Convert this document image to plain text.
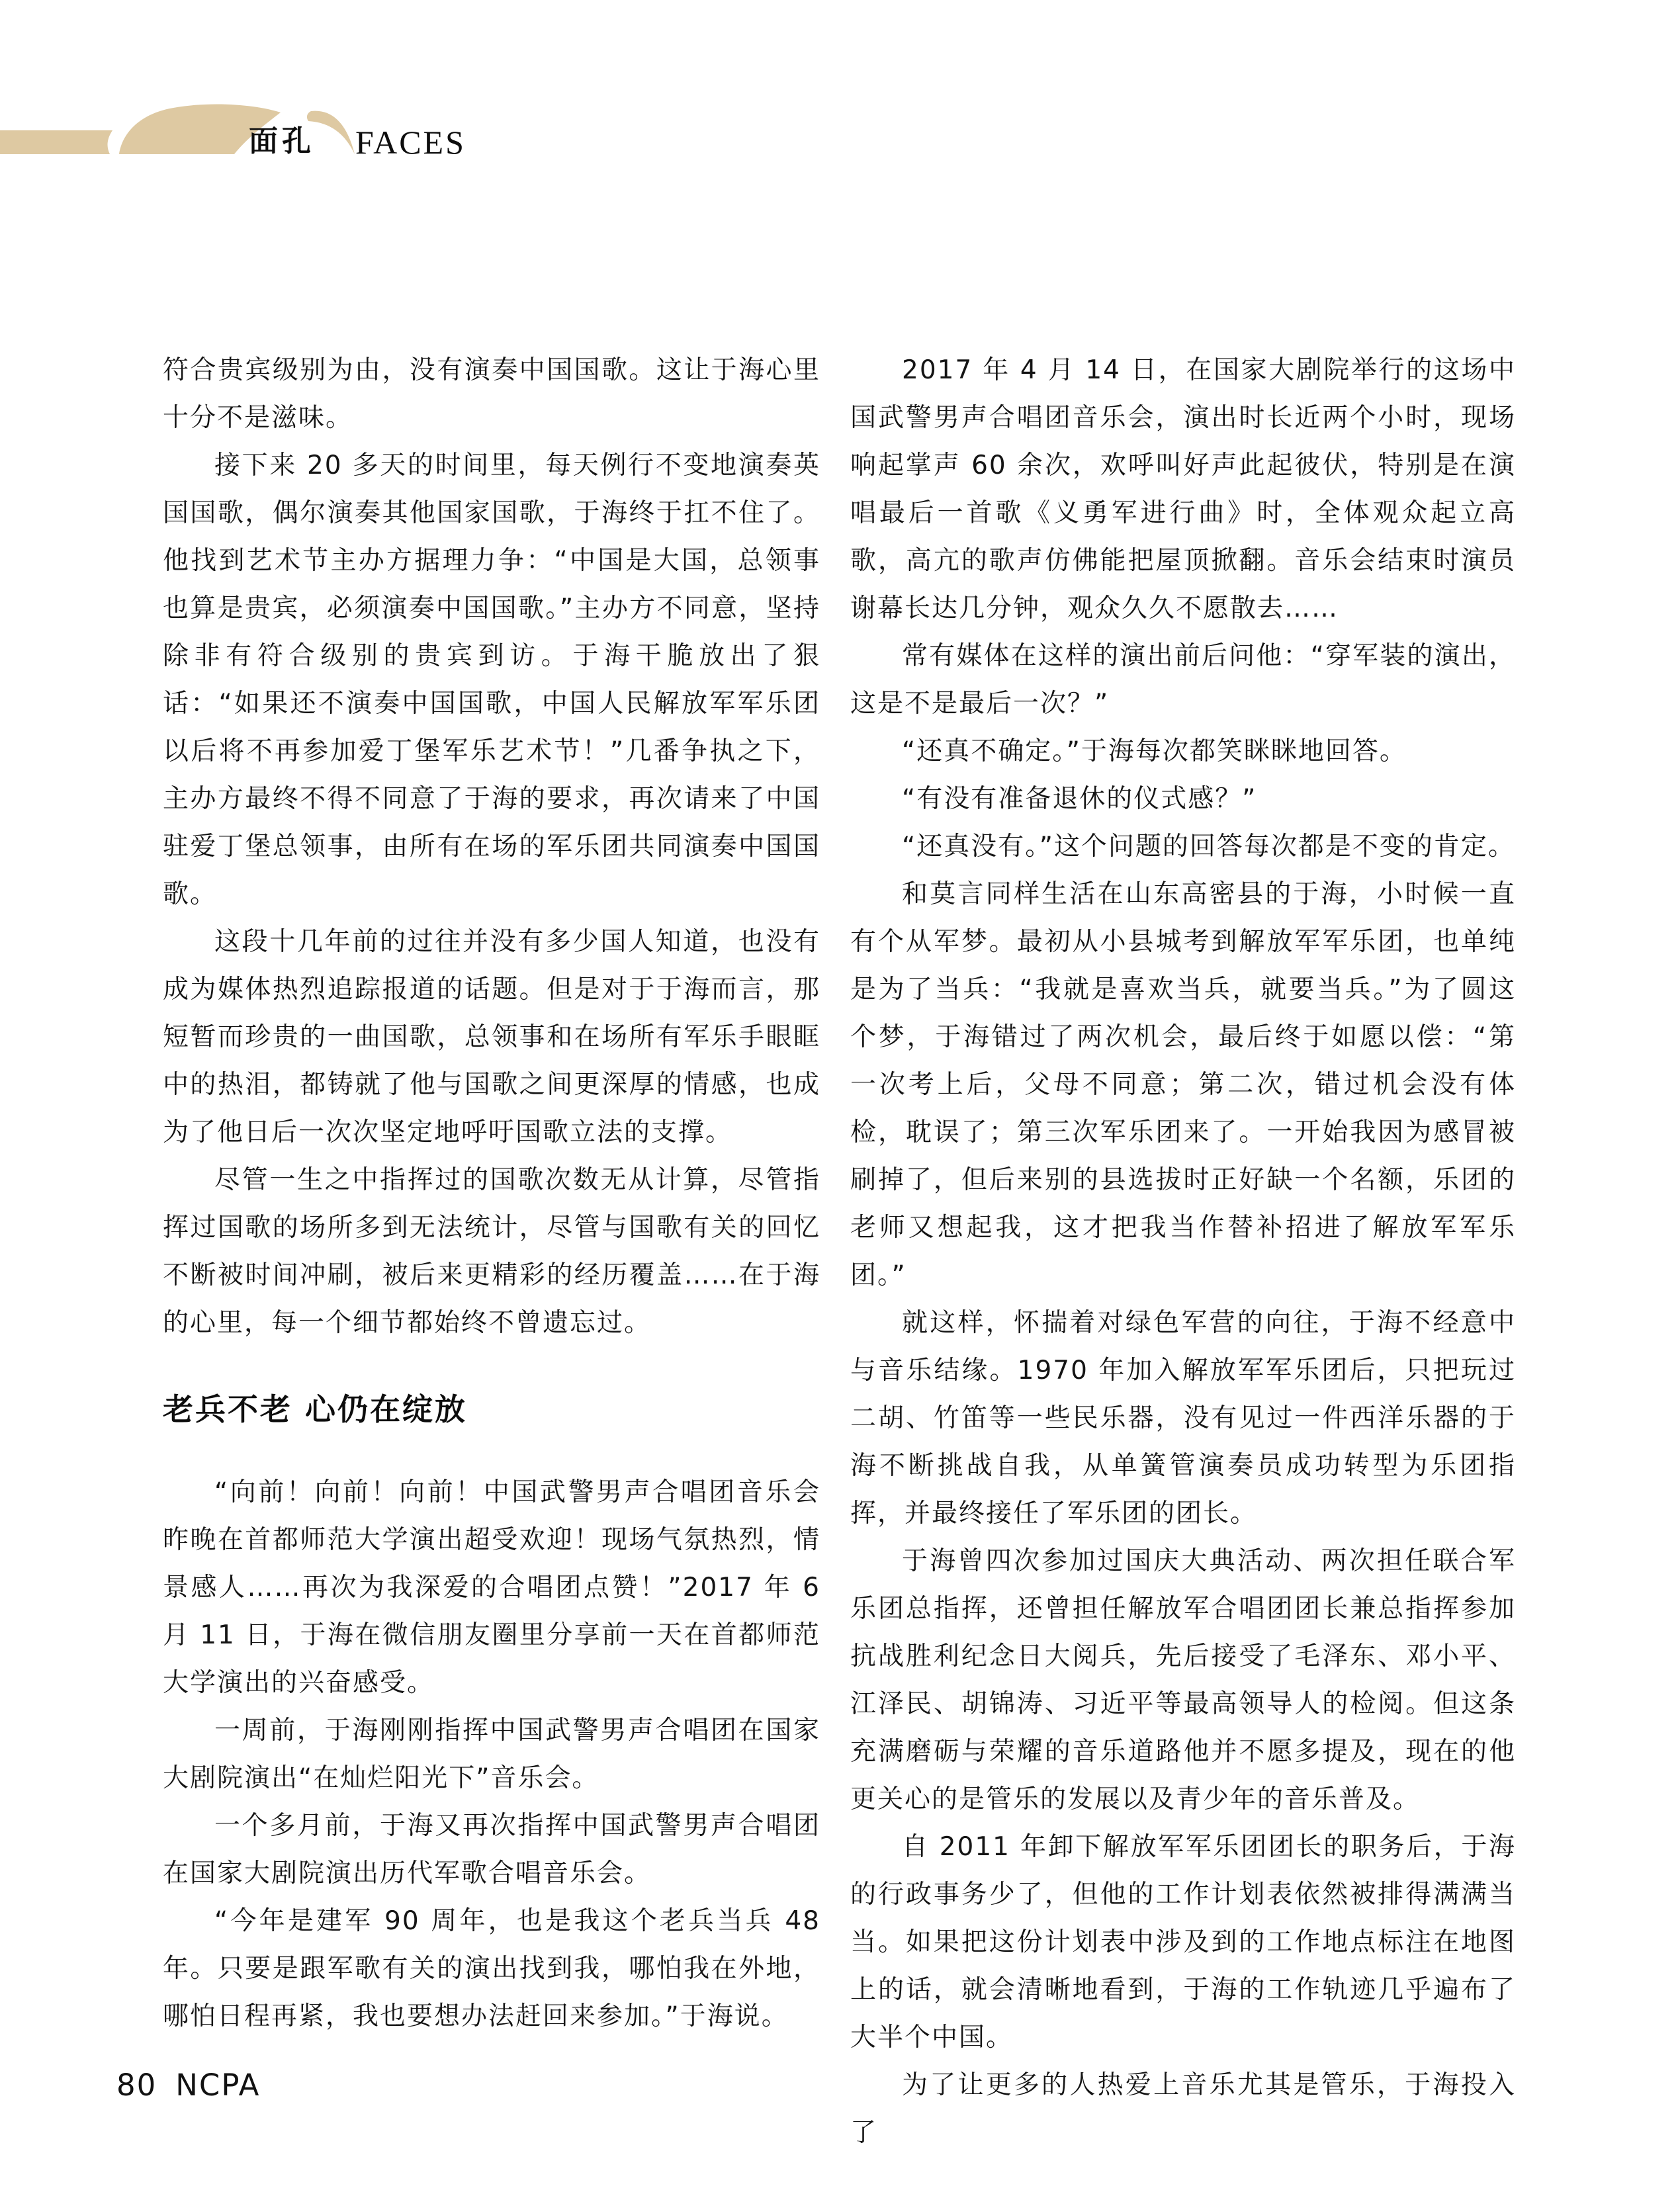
面孔 FACES

符合贵宾级别为由，没有演奏中国国歌。这让于海心里十分不是滋味。

接下来 20 多天的时间里，每天例行不变地演奏英国国歌，偶尔演奏其他国家国歌，于海终于扛不住了。他找到艺术节主办方据理力争：“中国是大国，总领事也算是贵宾，必须演奏中国国歌。”主办方不同意，坚持除非有符合级别的贵宾到访。于海干脆放出了狠话：“如果还不演奏中国国歌，中国人民解放军军乐团以后将不再参加爱丁堡军乐艺术节！”几番争执之下，主办方最终不得不同意了于海的要求，再次请来了中国驻爱丁堡总领事，由所有在场的军乐团共同演奏中国国歌。

这段十几年前的过往并没有多少国人知道，也没有成为媒体热烈追踪报道的话题。但是对于于海而言，那短暂而珍贵的一曲国歌，总领事和在场所有军乐手眼眶中的热泪，都铸就了他与国歌之间更深厚的情感，也成为了他日后一次次坚定地呼吁国歌立法的支撑。

尽管一生之中指挥过的国歌次数无从计算，尽管指挥过国歌的场所多到无法统计，尽管与国歌有关的回忆不断被时间冲刷，被后来更精彩的经历覆盖……在于海的心里，每一个细节都始终不曾遗忘过。

老兵不老 心仍在绽放

“向前！向前！向前！中国武警男声合唱团音乐会昨晚在首都师范大学演出超受欢迎！现场气氛热烈，情景感人……再次为我深爱的合唱团点赞！”2017 年 6 月 11 日，于海在微信朋友圈里分享前一天在首都师范大学演出的兴奋感受。

一周前，于海刚刚指挥中国武警男声合唱团在国家大剧院演出“在灿烂阳光下”音乐会。

一个多月前，于海又再次指挥中国武警男声合唱团在国家大剧院演出历代军歌合唱音乐会。

“今年是建军 90 周年，也是我这个老兵当兵 48 年。只要是跟军歌有关的演出找到我，哪怕我在外地，哪怕日程再紧，我也要想办法赶回来参加。”于海说。

2017 年 4 月 14 日，在国家大剧院举行的这场中国武警男声合唱团音乐会，演出时长近两个小时，现场响起掌声 60 余次，欢呼叫好声此起彼伏，特别是在演唱最后一首歌《义勇军进行曲》时，全体观众起立高歌，高亢的歌声仿佛能把屋顶掀翻。音乐会结束时演员谢幕长达几分钟，观众久久不愿散去……

常有媒体在这样的演出前后问他：“穿军装的演出，这是不是最后一次？”

“还真不确定。”于海每次都笑眯眯地回答。

“有没有准备退休的仪式感？”

“还真没有。”这个问题的回答每次都是不变的肯定。

和莫言同样生活在山东高密县的于海，小时候一直有个从军梦。最初从小县城考到解放军军乐团，也单纯是为了当兵：“我就是喜欢当兵，就要当兵。”为了圆这个梦，于海错过了两次机会，最后终于如愿以偿：“第一次考上后，父母不同意；第二次，错过机会没有体检，耽误了；第三次军乐团来了。一开始我因为感冒被刷掉了，但后来别的县选拔时正好缺一个名额，乐团的老师又想起我，这才把我当作替补招进了解放军军乐团。”

就这样，怀揣着对绿色军营的向往，于海不经意中与音乐结缘。1970 年加入解放军军乐团后，只把玩过二胡、竹笛等一些民乐器，没有见过一件西洋乐器的于海不断挑战自我，从单簧管演奏员成功转型为乐团指挥，并最终接任了军乐团的团长。

于海曾四次参加过国庆大典活动、两次担任联合军乐团总指挥，还曾担任解放军合唱团团长兼总指挥参加抗战胜利纪念日大阅兵，先后接受了毛泽东、邓小平、江泽民、胡锦涛、习近平等最高领导人的检阅。但这条充满磨砺与荣耀的音乐道路他并不愿多提及，现在的他更关心的是管乐的发展以及青少年的音乐普及。

自 2011 年卸下解放军军乐团团长的职务后，于海的行政事务少了，但他的工作计划表依然被排得满满当当。如果把这份计划表中涉及到的工作地点标注在地图上的话，就会清晰地看到，于海的工作轨迹几乎遍布了大半个中国。

为了让更多的人热爱上音乐尤其是管乐，于海投入了

80 NCPA
